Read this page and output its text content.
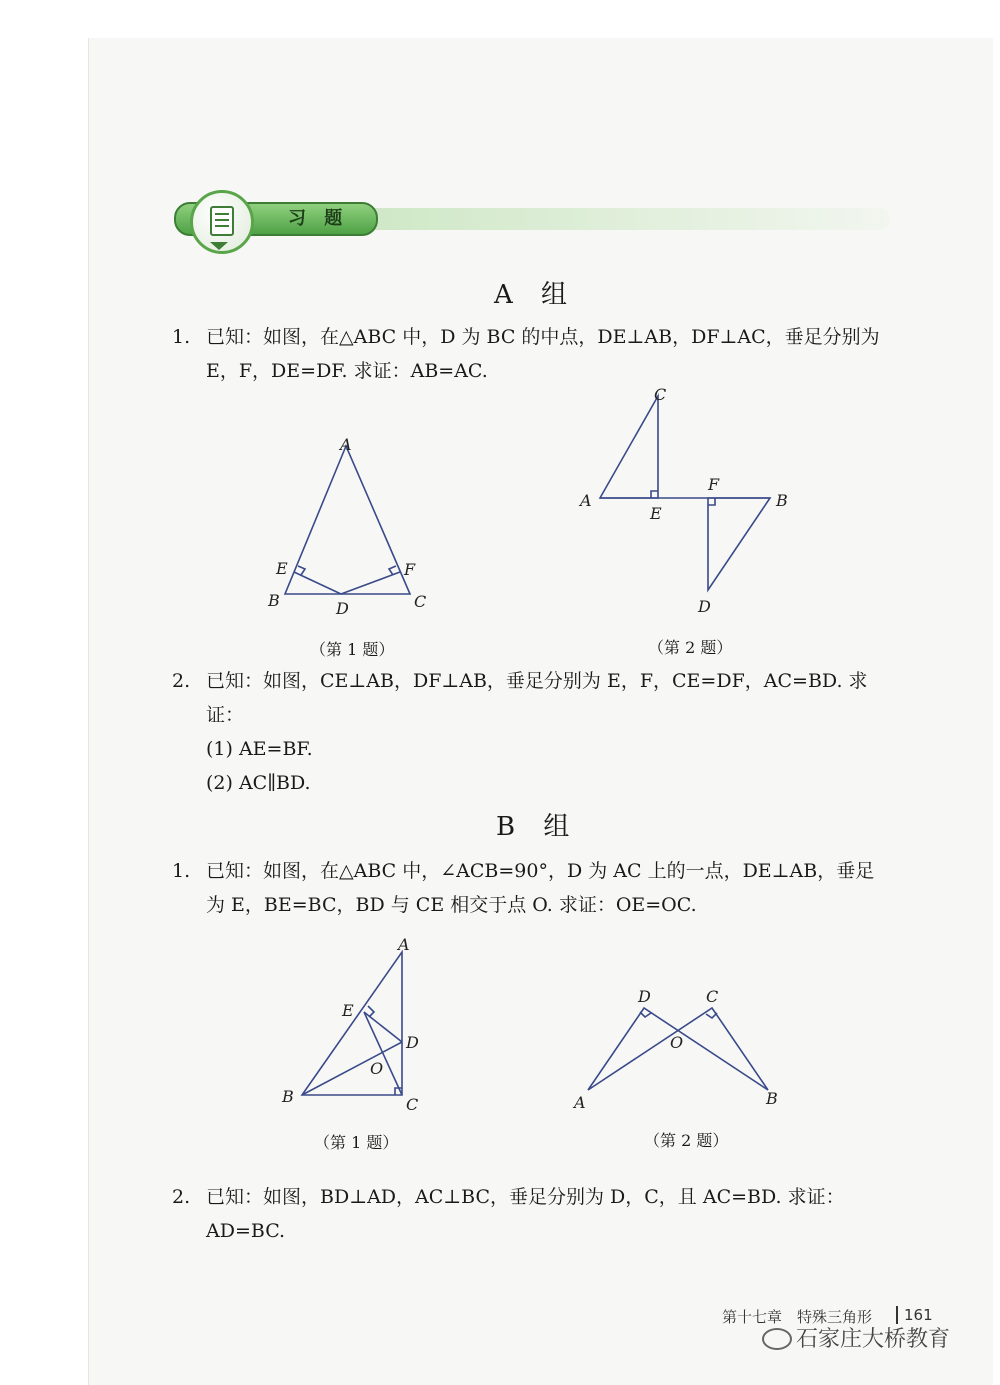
习 题
A 组
1. 已知：如图，在△ABC 中，D 为 BC 的中点，DE⊥AB，DF⊥AC，垂足分别为 E，F，DE=DF. 求证：AB=AC.
A
B	C
D
E	F
（第 1 题）
C
A
E
F
B
D
（第 2 题）
2. 已知：如图，CE⊥AB，DF⊥AB，垂足分别为 E，F，CE=DF，AC=BD. 求证：
(1) AE=BF.
(2) AC∥BD.
B 组
1. 已知：如图，在△ABC 中，∠ACB=90°，D 为 AC 上的一点，DE⊥AB，垂足为 E，BE=BC，BD 与 CE 相交于点 O. 求证：OE=OC.
A
B	C
D
E
O
（第 1 题）
D	C
O
A	B
（第 2 题）
2. 已知：如图，BD⊥AD，AC⊥BC，垂足分别为 D，C，且 AC=BD. 求证：AD=BC.
第十七章　特殊三角形	161
石家庄大桥教育
